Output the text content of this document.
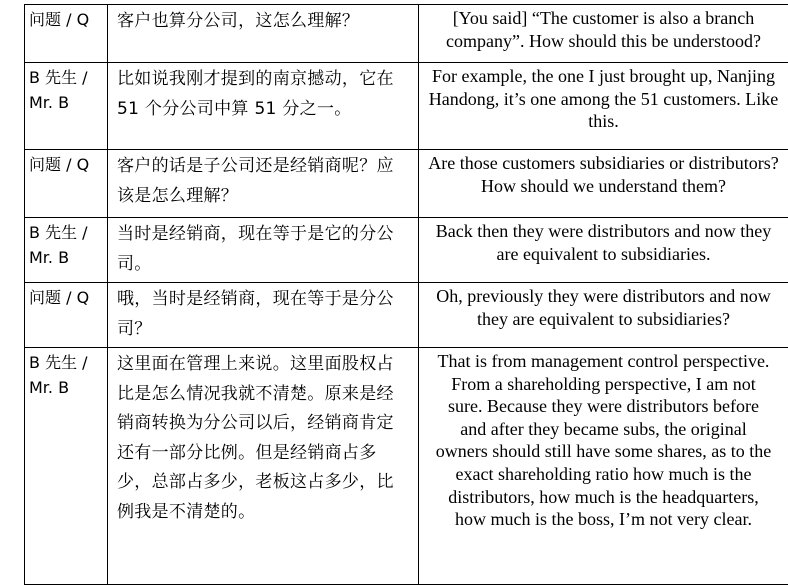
问题 / Q	客户也算分公司，这怎么理解？	[You said] “The customer is also a branch company”. How should this be understood?
B 先生 / Mr. B	比如说我刚才提到的南京撼动，它在 51 个分公司中算 51 分之一。	For example, the one I just brought up, Nanjing Handong, it’s one among the 51 customers. Like this.
问题 / Q	客户的话是子公司还是经销商呢？应该是怎么理解？	Are those customers subsidiaries or distributors? How should we understand them?
B 先生 / Mr. B	当时是经销商，现在等于是它的分公司。	Back then they were distributors and now they are equivalent to subsidiaries.
问题 / Q	哦，当时是经销商，现在等于是分公司？	Oh, previously they were distributors and now they are equivalent to subsidiaries?
B 先生 / Mr. B	这里面在管理上来说。这里面股权占比是怎么情况我就不清楚。原来是经销商转换为分公司以后，经销商肯定还有一部分比例。但是经销商占多少，总部占多少，老板这占多少，比例我是不清楚的。	That is from management control perspective. From a shareholding perspective, I am not sure. Because they were distributors before and after they became subs, the original owners should still have some shares, as to the exact shareholding ratio how much is the distributors, how much is the headquarters, how much is the boss, I’m not very clear.
